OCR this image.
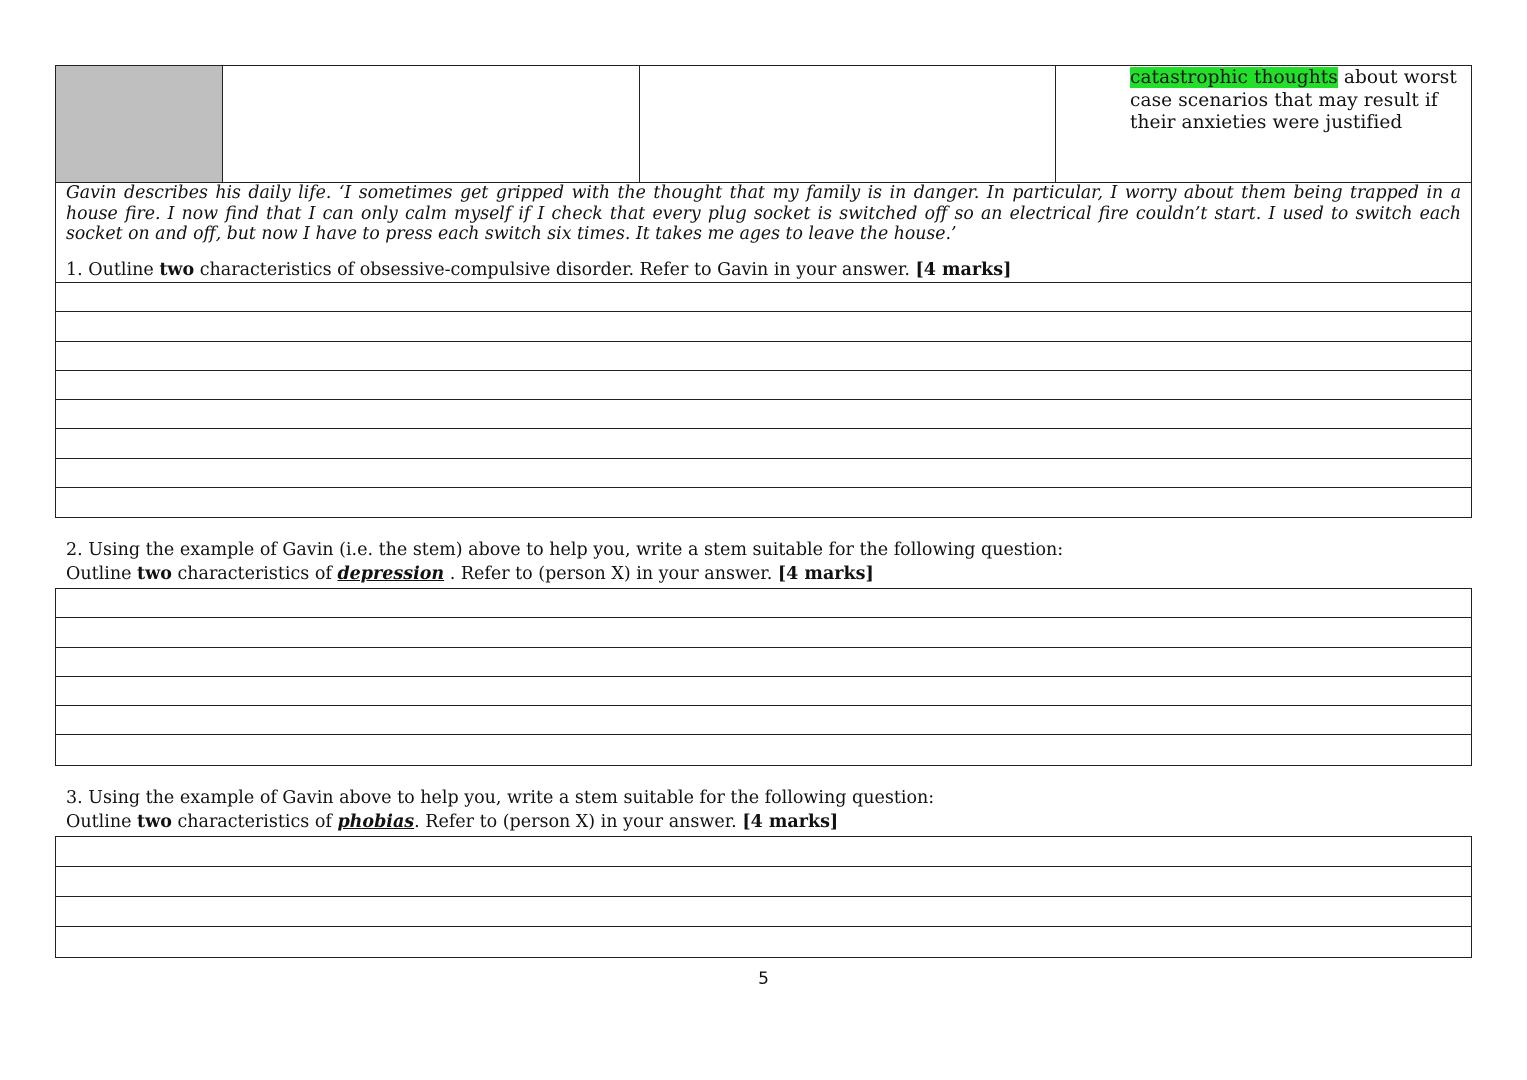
catastrophic thoughts about worst case scenarios that may result if their anxieties were justified

Gavin describes his daily life. ‘I sometimes get gripped with the thought that my family is in danger. In particular, I worry about them being trapped in a house fire. I now find that I can only calm myself if I check that every plug socket is switched off so an electrical fire couldn’t start. I used to switch each socket on and off, but now I have to press each switch six times. It takes me ages to leave the house.’

1. Outline two characteristics of obsessive-compulsive disorder. Refer to Gavin in your answer. [4 marks]
2. Using the example of Gavin (i.e. the stem) above to help you, write a stem suitable for the following question:
Outline two characteristics of depression . Refer to (person X) in your answer. [4 marks]
3. Using the example of Gavin above to help you, write a stem suitable for the following question:
Outline two characteristics of phobias. Refer to (person X) in your answer. [4 marks]
5
